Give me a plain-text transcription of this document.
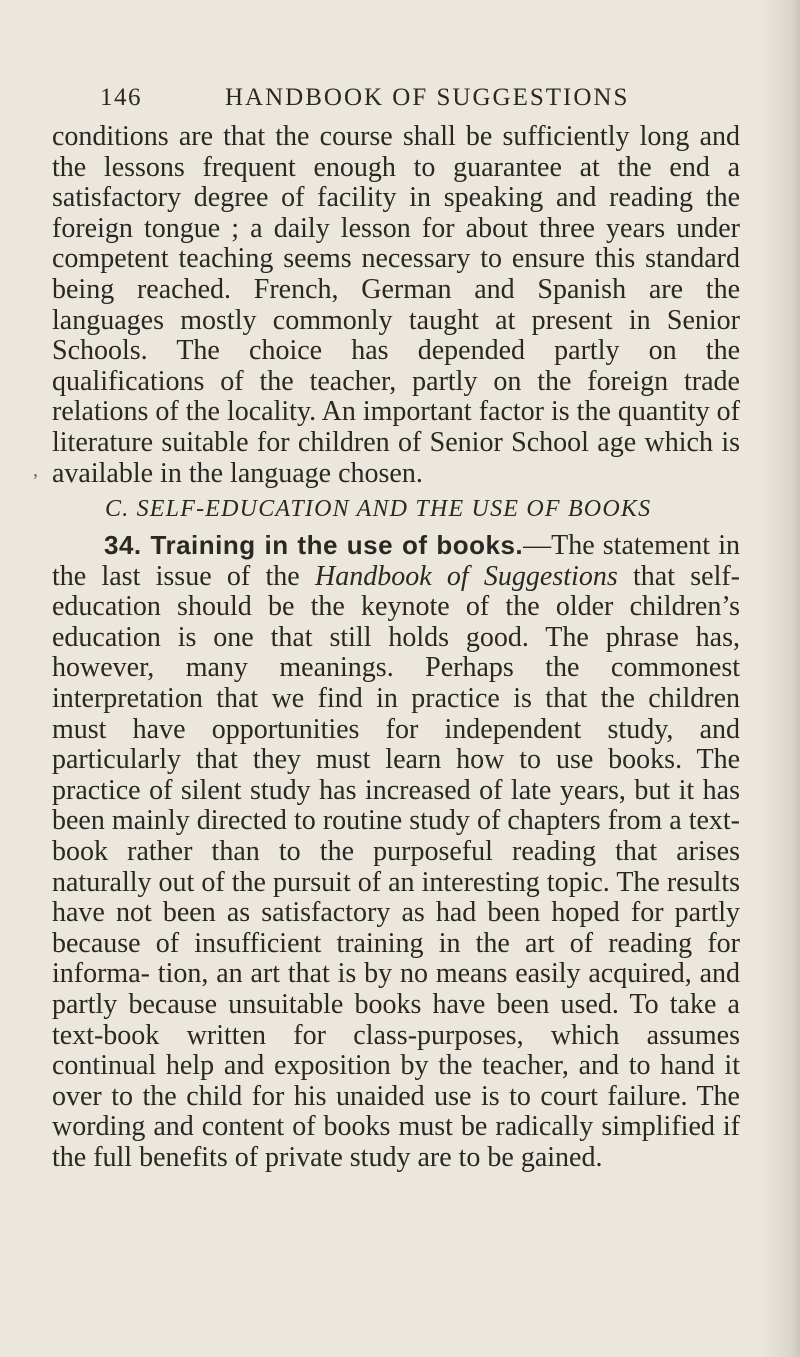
146	HANDBOOK OF SUGGESTIONS
conditions are that the course shall be sufficiently long and the lessons frequent enough to guarantee at the end a satisfactory degree of facility in speaking and reading the foreign tongue ; a daily lesson for about three years under competent teaching seems necessary to ensure this standard being reached. French, German and Spanish are the languages mostly commonly taught at present in Senior Schools. The choice has depended partly on the qualifications of the teacher, partly on the foreign trade relations of the locality. An important factor is the quantity of literature suitable for children of Senior School age which is available in the language chosen.
’
C. SELF-EDUCATION AND THE USE OF BOOKS
34. Training in the use of books.—The statement in the last issue of the Handbook of Suggestions that self-education should be the keynote of the older children’s education is one that still holds good. The phrase has, however, many meanings. Perhaps the commonest interpretation that we find in practice is that the children must have opportunities for independent study, and particularly that they must learn how to use books. The practice of silent study has increased of late years, but it has been mainly directed to routine study of chapters from a text-book rather than to the purposeful reading that arises naturally out of the pursuit of an interesting topic. The results have not been as satisfactory as had been hoped for partly because of insufficient training in the art of reading for informa- tion, an art that is by no means easily acquired, and partly because unsuitable books have been used. To take a text-book written for class-purposes, which assumes continual help and exposition by the teacher, and to hand it over to the child for his unaided use is to court failure. The wording and content of books must be radically simplified if the full benefits of private study are to be gained.
